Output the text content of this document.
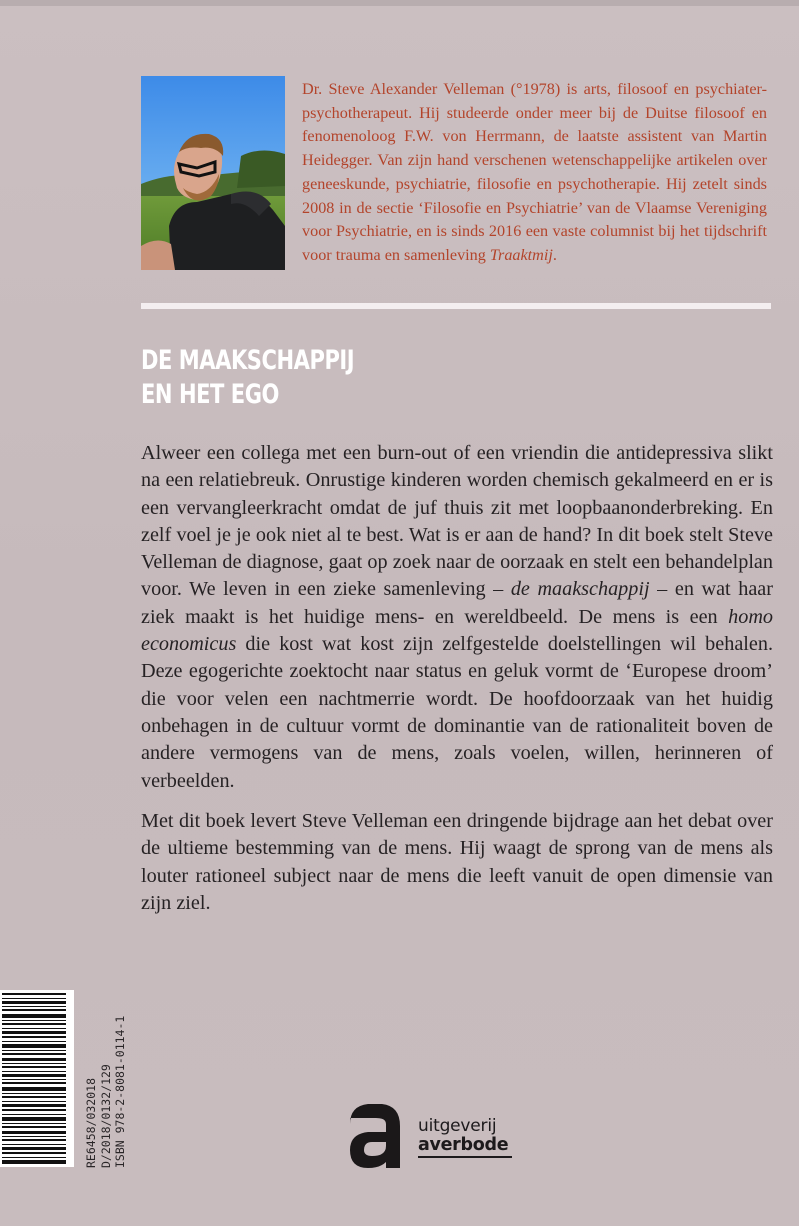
Dr. Steve Alexander Velleman (°1978) is arts, filosoof en psychiater-psychotherapeut. Hij studeerde onder meer bij de Duitse filosoof en fenomenoloog F.W. von Herrmann, de laatste assistent van Martin Heidegger. Van zijn hand verschenen wetenschappelijke artikelen over geneeskunde, psychiatrie, filosofie en psychotherapie. Hij zetelt sinds 2008 in de sectie ‘Filosofie en Psychiatrie’ van de Vlaamse Vereniging voor Psychiatrie, en is sinds 2016 een vaste columnist bij het tijdschrift voor trauma en samenleving Traaktmij.

DE MAAKSCHAPPIJ
EN HET EGO

Alweer een collega met een burn-out of een vriendin die antidepressiva slikt na een relatiebreuk. Onrustige kinderen worden chemisch gekalmeerd en er is een vervangleerkracht omdat de juf thuis zit met loopbaanonderbreking. En zelf voel je je ook niet al te best. Wat is er aan de hand? In dit boek stelt Steve Velleman de diagnose, gaat op zoek naar de oorzaak en stelt een behandelplan voor. We leven in een zieke samenleving – de maakschappij – en wat haar ziek maakt is het huidige mens- en wereldbeeld. De mens is een homo economicus die kost wat kost zijn zelfgestelde doelstellingen wil behalen. Deze egogerichte zoektocht naar status en geluk vormt de ‘Europese droom’ die voor velen een nachtmerrie wordt. De hoofdoorzaak van het huidig onbehagen in de cultuur vormt de dominantie van de rationaliteit boven de andere vermogens van de mens, zoals voelen, willen, herinneren of verbeelden.

Met dit boek levert Steve Velleman een dringende bijdrage aan het debat over de ultieme bestemming van de mens. Hij waagt de sprong van de mens als louter rationeel subject naar de mens die leeft vanuit de open dimensie van zijn ziel.

RE6458/032018 D/2018/0132/129 ISBN 978-2-8081-0114-1	uitgeverij
averbode
